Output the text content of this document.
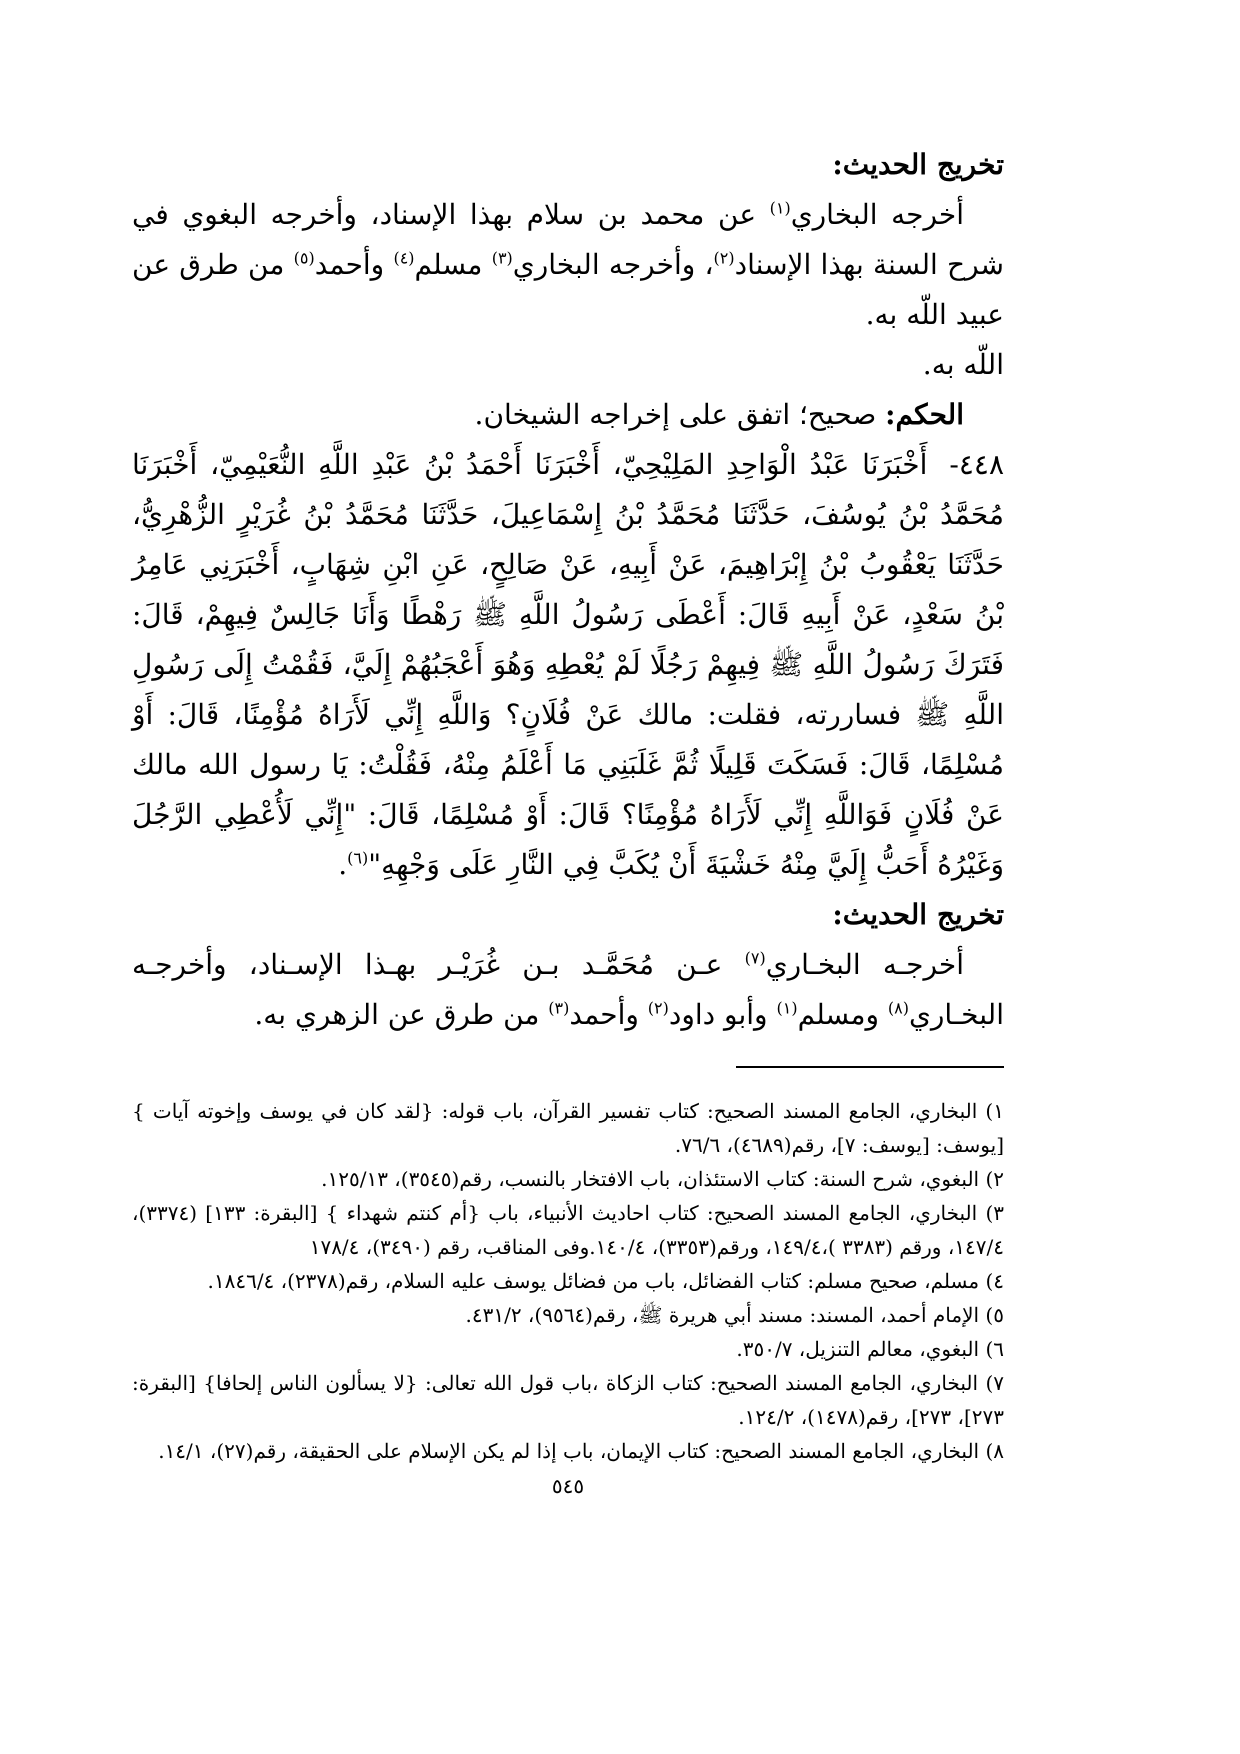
تخريج الحديث:

أخرجه البخاري$^{(١)}$ عن محمد بن سلام بهذا الإسناد، وأخرجه البغوي في شرح السنة بهذا الإسناد$^{(٢)}$، وأخرجه البخاري$^{(٣)}$ مسلم$^{(٤)}$ وأحمد$^{(٥)}$ من طرق عن عبيد اللّه به.
اللّه به.

الحكم: صحيح؛ اتفق على إخراجه الشيخان.

٤٤٨-أَخْبَرَنَا عَبْدُ الْوَاحِدِ المَلِيْحِيّ، أَخْبَرَنَا أَحْمَدُ بْنُ عَبْدِ اللَّهِ النُّعَيْمِيّ، أَخْبَرَنَا مُحَمَّدُ بْنُ يُوسُفَ، حَدَّثَنَا مُحَمَّدُ بْنُ إِسْمَاعِيلَ، حَدَّثَنَا مُحَمَّدُ بْنُ غُرَيْرٍ الزُّهْرِيُّ، حَدَّثَنَا يَعْقُوبُ بْنُ إِبْرَاهِيمَ، عَنْ أَبِيهِ، عَنْ صَالِحٍ، عَنِ ابْنِ شِهَابٍ، أَخْبَرَنِي عَامِرُ بْنُ سَعْدٍ، عَنْ أَبِيهِ قَالَ: أَعْطَى رَسُولُ اللَّهِ ﷺ رَهْطًا وَأَنَا جَالِسٌ فِيهِمْ، قَالَ: فَتَرَكَ رَسُولُ اللَّهِ ﷺ فِيهِمْ رَجُلًا لَمْ يُعْطِهِ وَهُوَ أَعْجَبُهُمْ إِلَيَّ، فَقُمْتُ إِلَى رَسُولِ اللَّهِ ﷺ فساررته، فقلت: مالك عَنْ فُلَانٍ؟ وَاللَّهِ إِنِّي لَأَرَاهُ مُؤْمِنًا، قَالَ: أَوْ مُسْلِمًا، قَالَ: فَسَكَتَ قَلِيلًا ثُمَّ غَلَبَنِي مَا أَعْلَمُ مِنْهُ، فَقُلْتُ: يَا رسول الله مالك عَنْ فُلَانٍ فَوَاللَّهِ إِنِّي لَأَرَاهُ مُؤْمِنًا؟ قَالَ: أَوْ مُسْلِمًا، قَالَ: "إِنِّي لَأُعْطِي الرَّجُلَ وَغَيْرُهُ أَحَبُّ إِلَيَّ مِنْهُ خَشْيَةَ أَنْ يُكَبَّ فِي النَّارِ عَلَى وَجْهِهِ"$^{(٦)}$.

تخريج الحديث:

أخرجـه البخـاري$^{(٧)}$ عـن مُحَمَّـد بـن غُرَيْـر بهـذا الإسـناد، وأخرجـه البخـاري$^{(٨)}$ ومسلم$^{(١)}$ وأبو داود$^{(٢)}$ وأحمد$^{(٣)}$ من طرق عن الزهري به.

١) البخاري، الجامع المسند الصحيح: كتاب تفسير القرآن، باب قوله: {لقد كان في يوسف وإخوته آيات } [يوسف: [يوسف: ٧]، رقم(٤٦٨٩)، ٧٦/٦.
٢) البغوي، شرح السنة: كتاب الاستئذان، باب الافتخار بالنسب، رقم(٣٥٤٥)، ١٢٥/١٣.
٣) البخاري، الجامع المسند الصحيح: كتاب احاديث الأنبياء، باب {أم كنتم شهداء } [البقرة: ١٣٣] (٣٣٧٤)، ١٤٧/٤، ورقم (٣٣٨٣ )،١٤٩/٤، ورقم(٣٣٥٣)، ١٤٠/٤.وفى المناقب، رقم (٣٤٩٠)، ١٧٨/٤
٤) مسلم، صحيح مسلم: كتاب الفضائل، باب من فضائل يوسف عليه السلام، رقم(٢٣٧٨)، ١٨٤٦/٤.
٥) الإمام أحمد، المسند: مسند أبي هريرة ﷺ، رقم(٩٥٦٤)، ٤٣١/٢.
٦) البغوي، معالم التنزيل، ٣٥٠/٧.
٧) البخاري، الجامع المسند الصحيح: كتاب الزكاة ،باب قول الله تعالى: {لا يسألون الناس إلحافا} [البقرة: ٢٧٣]، ٢٧٣]، رقم(١٤٧٨)، ١٢٤/٢.
٨) البخاري، الجامع المسند الصحيح: كتاب الإيمان، باب إذا لم يكن الإسلام على الحقيقة، رقم(٢٧)، ١٤/١.
٥٤٥
